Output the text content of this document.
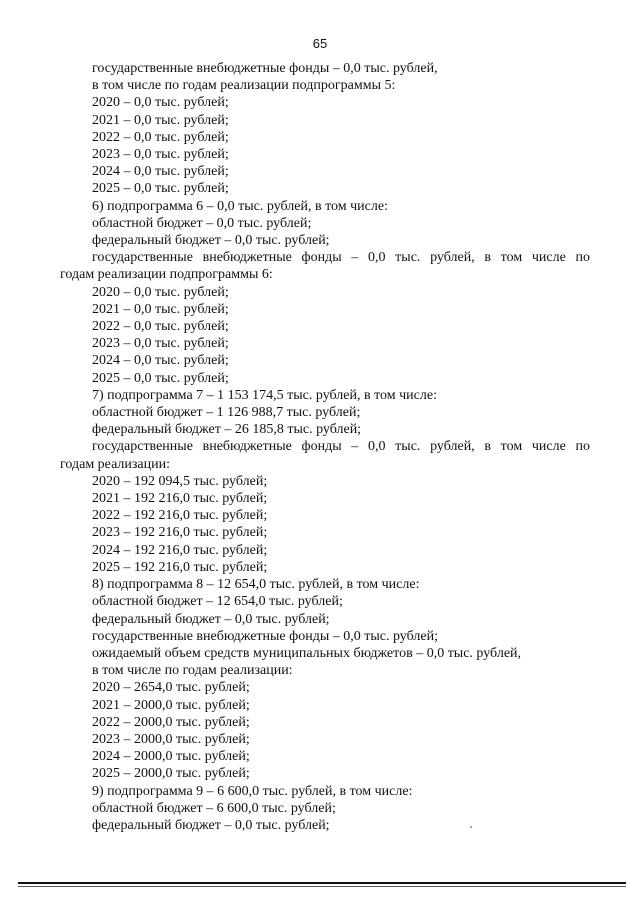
65
государственные внебюджетные фонды – 0,0 тыс. рублей,
в том числе по годам реализации подпрограммы 5:
2020 – 0,0 тыс. рублей;
2021 – 0,0 тыс. рублей;
2022 – 0,0 тыс. рублей;
2023 – 0,0 тыс. рублей;
2024 – 0,0 тыс. рублей;
2025 – 0,0 тыс. рублей;
6) подпрограмма 6 – 0,0 тыс. рублей, в том числе:
областной бюджет – 0,0 тыс. рублей;
федеральный бюджет – 0,0 тыс. рублей;
государственные внебюджетные фонды – 0,0 тыс. рублей, в том числе по
годам реализации подпрограммы 6:
2020 – 0,0 тыс. рублей;
2021 – 0,0 тыс. рублей;
2022 – 0,0 тыс. рублей;
2023 – 0,0 тыс. рублей;
2024 – 0,0 тыс. рублей;
2025 – 0,0 тыс. рублей;
7) подпрограмма 7 – 1 153 174,5 тыс. рублей, в том числе:
областной бюджет – 1 126 988,7 тыс. рублей;
федеральный бюджет – 26 185,8 тыс. рублей;
государственные внебюджетные фонды – 0,0 тыс. рублей, в том числе по
годам реализации:
2020 – 192 094,5 тыс. рублей;
2021 – 192 216,0 тыс. рублей;
2022 – 192 216,0 тыс. рублей;
2023 – 192 216,0 тыс. рублей;
2024 – 192 216,0 тыс. рублей;
2025 – 192 216,0 тыс. рублей;
8) подпрограмма 8 – 12 654,0 тыс. рублей, в том числе:
областной бюджет – 12 654,0 тыс. рублей;
федеральный бюджет – 0,0 тыс. рублей;
государственные внебюджетные фонды – 0,0 тыс. рублей;
ожидаемый объем средств муниципальных бюджетов – 0,0 тыс. рублей,
в том числе по годам реализации:
2020 – 2654,0 тыс. рублей;
2021 – 2000,0 тыс. рублей;
2022 – 2000,0 тыс. рублей;
2023 – 2000,0 тыс. рублей;
2024 – 2000,0 тыс. рублей;
2025 – 2000,0 тыс. рублей;
9) подпрограмма 9 – 6 600,0 тыс. рублей, в том числе:
областной бюджет – 6 600,0 тыс. рублей;
федеральный бюджет – 0,0 тыс. рублей;
